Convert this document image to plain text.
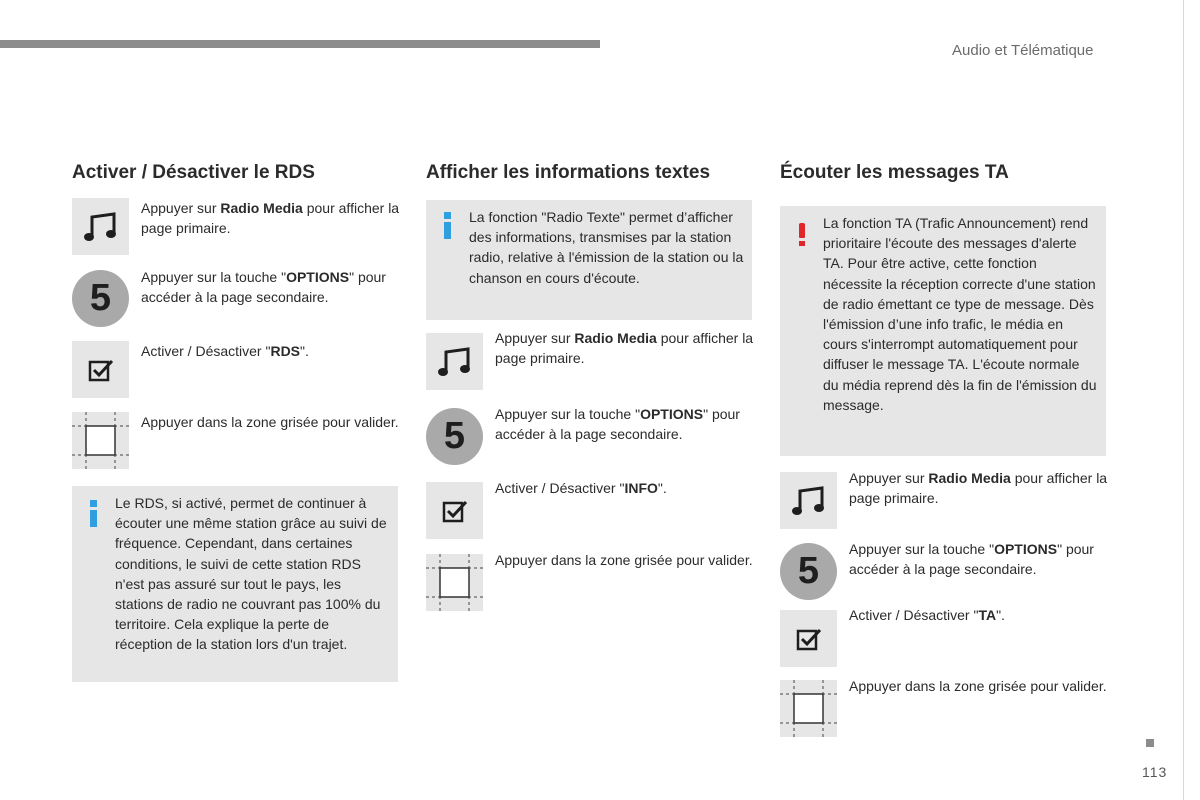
Audio et Télématique
113
Activer / Désactiver le RDS
Appuyer sur Radio Media pour afficher la page primaire.
5	Appuyer sur la touche "OPTIONS" pour accéder à la page secondaire.
Activer / Désactiver "RDS".
Appuyer dans la zone grisée pour valider.
Le RDS, si activé, permet de continuer à écouter une même station grâce au suivi de fréquence. Cependant, dans certaines conditions, le suivi de cette station RDS n'est pas assuré sur tout le pays, les stations de radio ne couvrant pas 100% du territoire. Cela explique la perte de réception de la station lors d'un trajet.
Afficher les informations textes
La fonction "Radio Texte" permet d’afficher des informations, transmises par la station radio, relative à l'émission de la station ou la chanson en cours d'écoute.
Appuyer sur Radio Media pour afficher la page primaire.
5
Appuyer sur la touche "OPTIONS" pour accéder à la page secondaire.
Activer / Désactiver "INFO".
Appuyer dans la zone grisée pour valider.
Écouter les messages TA
La fonction TA (Trafic Announcement) rend prioritaire l'écoute des messages d'alerte TA. Pour être active, cette fonction nécessite la réception correcte d'une station de radio émettant ce type de message. Dès l'émission d’une info trafic, le média en cours s'interrompt automatiquement pour diffuser le message TA. L'écoute normale du média reprend dès la fin de l'émission du message.
Appuyer sur Radio Media pour afficher la page primaire.
5
Appuyer sur la touche "OPTIONS" pour accéder à la page secondaire.
Activer / Désactiver "TA".
Appuyer dans la zone grisée pour valider.
